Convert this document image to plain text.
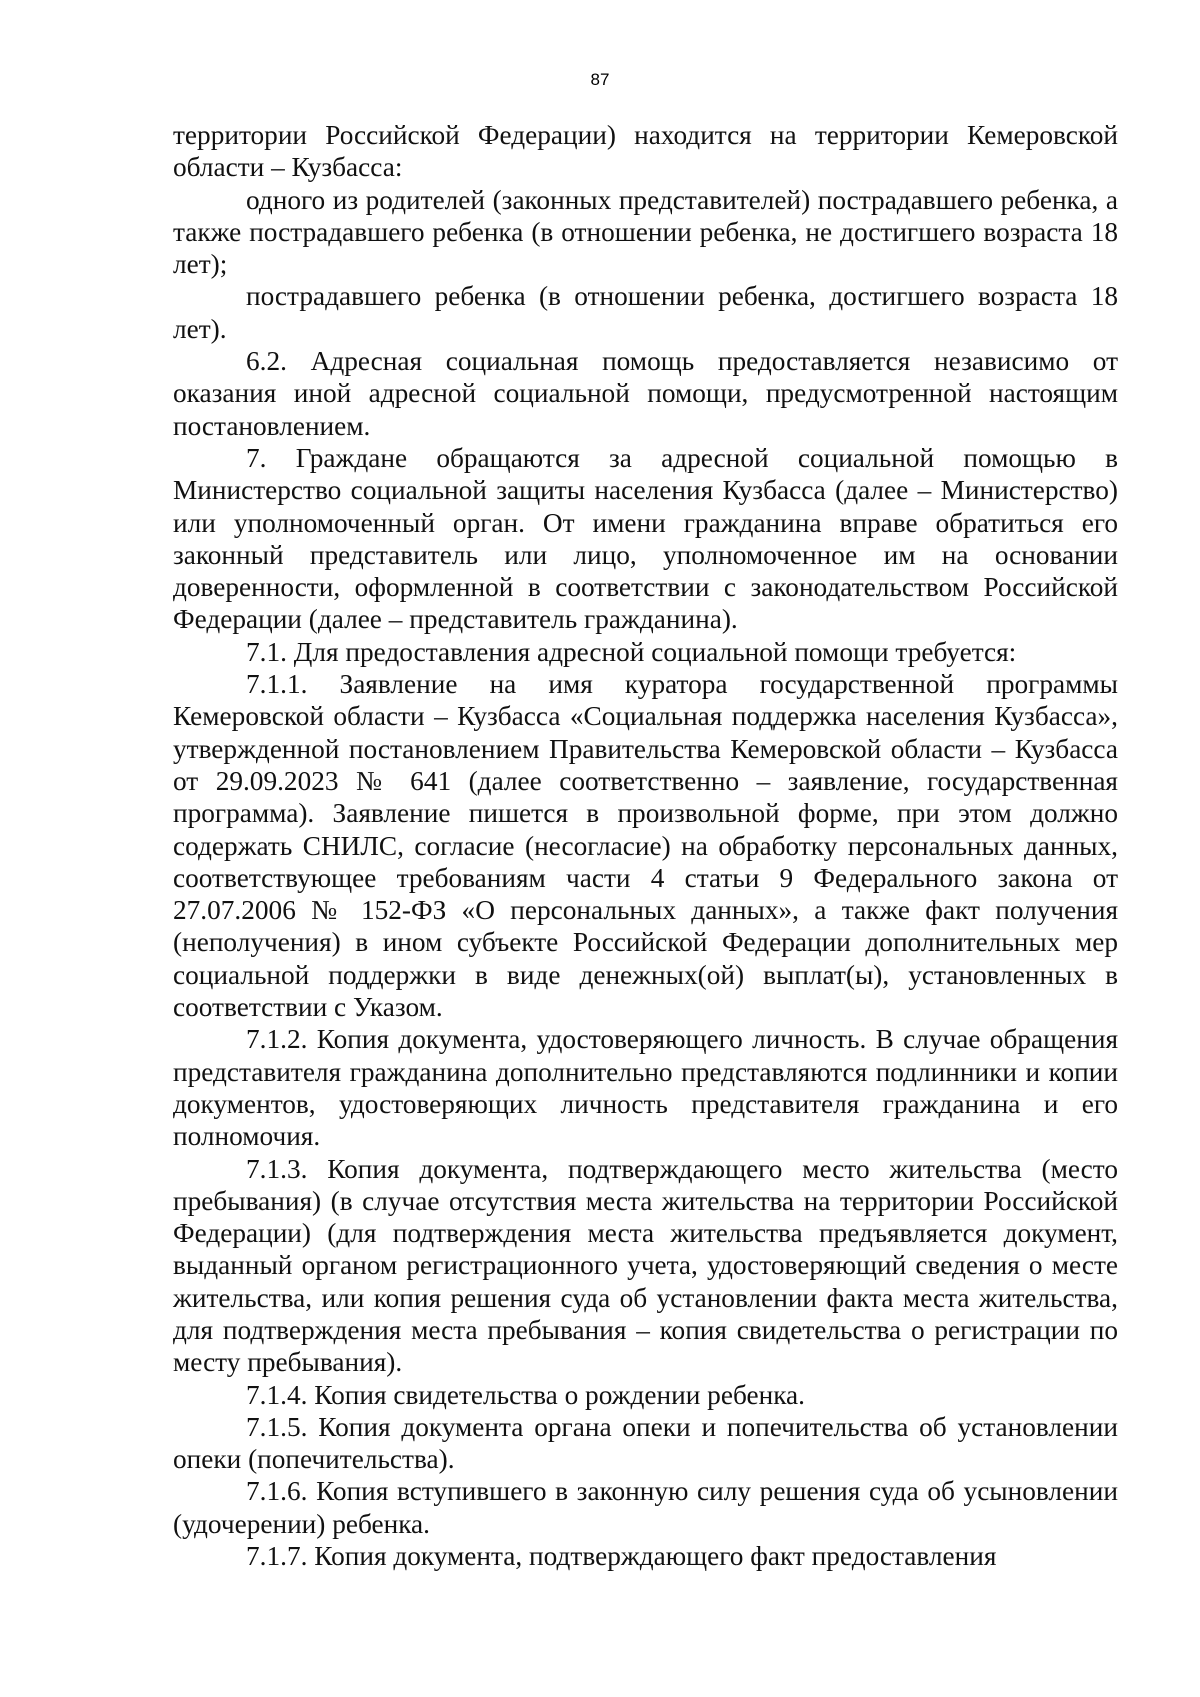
87

территории Российской Федерации) находится на территории Кемеровской области – Кузбасса:

одного из родителей (законных представителей) пострадавшего ребенка, а также пострадавшего ребенка (в отношении ребенка, не достигшего возраста 18 лет);

пострадавшего ребенка (в отношении ребенка, достигшего возраста 18 лет).

6.2. Адресная социальная помощь предоставляется независимо от оказания иной адресной социальной помощи, предусмотренной настоящим постановлением.

7. Граждане обращаются за адресной социальной помощью в Министерство социальной защиты населения Кузбасса (далее – Министерство) или уполномоченный орган. От имени гражданина вправе обратиться его законный представитель или лицо, уполномоченное им на основании доверенности, оформленной в соответствии с законодательством Российской Федерации (далее – представитель гражданина).

7.1. Для предоставления адресной социальной помощи требуется:

7.1.1. Заявление на имя куратора государственной программы Кемеровской области – Кузбасса «Социальная поддержка населения Кузбасса», утвержденной постановлением Правительства Кемеровской области – Кузбасса от 29.09.2023 № 641 (далее соответственно – заявление, государственная программа). Заявление пишется в произвольной форме, при этом должно содержать СНИЛС, согласие (несогласие) на обработку персональных данных, соответствующее требованиям части 4 статьи 9 Федерального закона от 27.07.2006 № 152-ФЗ «О персональных данных», а также факт получения (неполучения) в ином субъекте Российской Федерации дополнительных мер социальной поддержки в виде денежных(ой) выплат(ы), установленных в соответствии с Указом.

7.1.2. Копия документа, удостоверяющего личность. В случае обращения представителя гражданина дополнительно представляются подлинники и копии документов, удостоверяющих личность представителя гражданина и его полномочия.

7.1.3. Копия документа, подтверждающего место жительства (место пребывания) (в случае отсутствия места жительства на территории Российской Федерации) (для подтверждения места жительства предъявляется документ, выданный органом регистрационного учета, удостоверяющий сведения о месте жительства, или копия решения суда об установлении факта места жительства, для подтверждения места пребывания – копия свидетельства о регистрации по месту пребывания).

7.1.4. Копия свидетельства о рождении ребенка.

7.1.5. Копия документа органа опеки и попечительства об установлении опеки (попечительства).

7.1.6. Копия вступившего в законную силу решения суда об усыновлении (удочерении) ребенка.

7.1.7. Копия документа, подтверждающего факт предоставления
